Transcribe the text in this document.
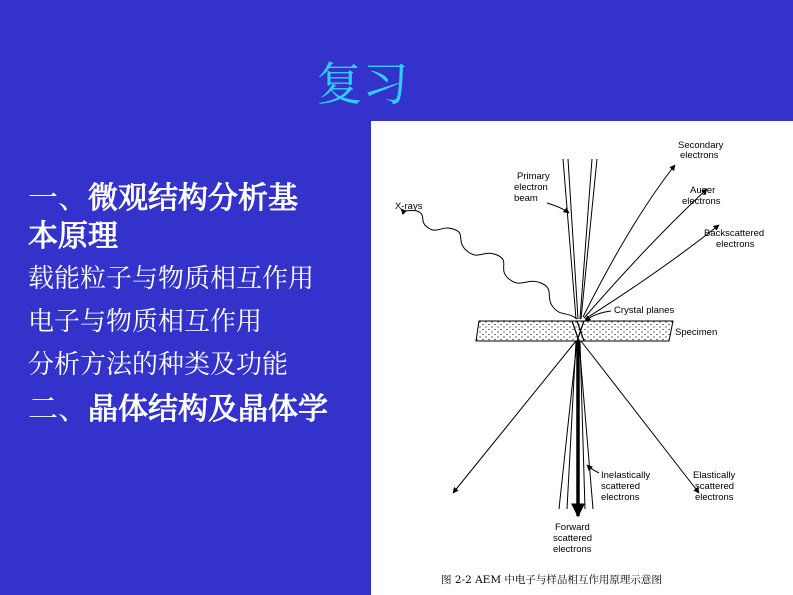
复习
一、微观结构分析基
本原理
载能粒子与物质相互作用
电子与物质相互作用
分析方法的种类及功能
二、晶体结构及晶体学
Secondary
electrons
Primary
electron
beam
Auger
electrons
X-rays
Backscattered
electrons
Crystal planes
Specimen
Inelastically
scattered
electrons
Elastically
scattered
electrons
Forward
scattered
electrons
图 2-2 AEM 中电子与样品相互作用原理示意图
